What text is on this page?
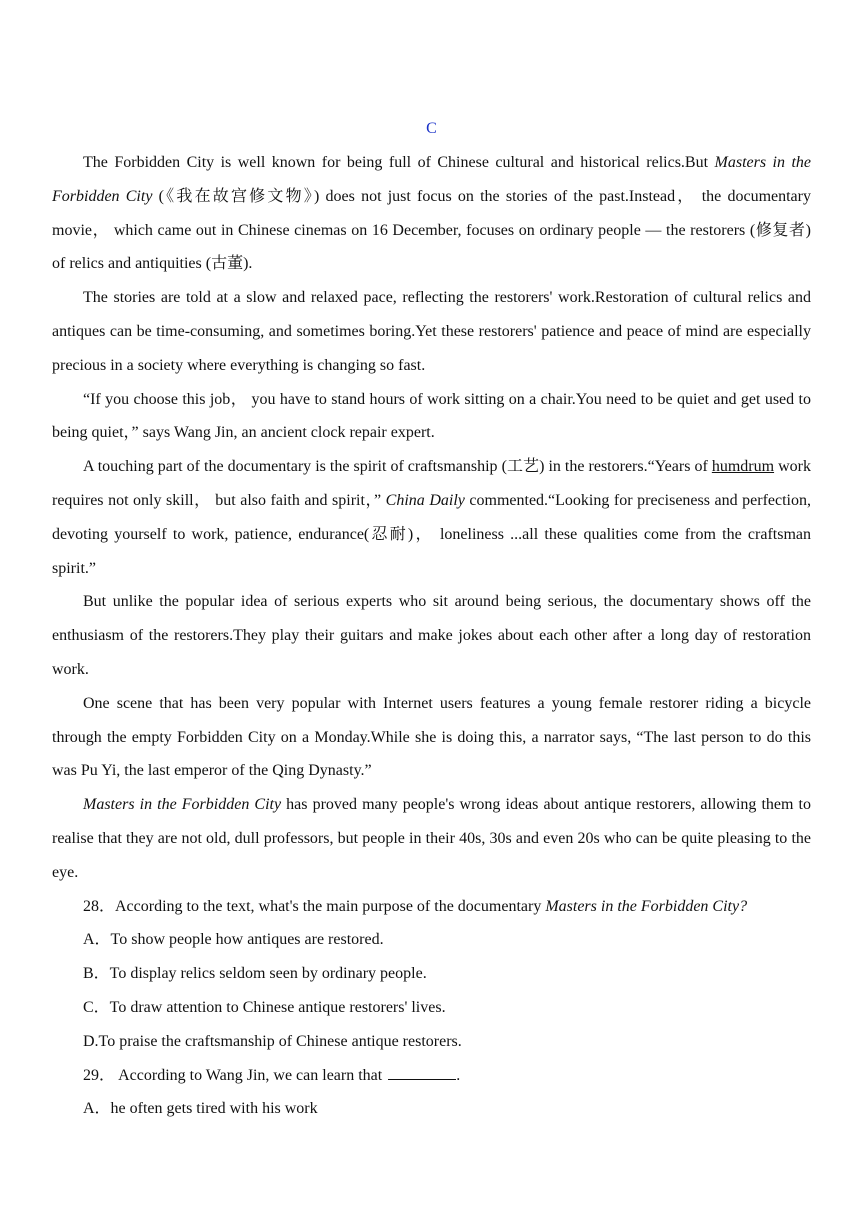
C

The Forbidden City is well known for being full of Chinese cultural and historical relics.But Masters in the Forbidden City (《我在故宫修文物》) does not just focus on the stories of the past.Instead， the documentary movie， which came out in Chinese cinemas on 16 December, focuses on ordinary people — the restorers (修复者) of relics and antiquities (古董).

The stories are told at a slow and relaxed pace, reflecting the restorers' work.Restoration of cultural relics and antiques can be time-consuming, and sometimes boring.Yet these restorers' patience and peace of mind are especially precious in a society where everything is changing so fast.

“If you choose this job， you have to stand hours of work sitting on a chair.You need to be quiet and get used to being quiet，” says Wang Jin, an ancient clock repair expert.

A touching part of the documentary is the spirit of craftsmanship (工艺) in the restorers.“Years of humdrum work requires not only skill， but also faith and spirit，” China Daily commented.“Looking for preciseness and perfection, devoting yourself to work, patience, endurance(忍耐)， loneliness ...all these qualities come from the craftsman spirit.”

But unlike the popular idea of serious experts who sit around being serious, the documentary shows off the enthusiasm of the restorers.They play their guitars and make jokes about each other after a long day of restoration work.

One scene that has been very popular with Internet users features a young female restorer riding a bicycle through the empty Forbidden City on a Monday.While she is doing this, a narrator says, “The last person to do this was Pu Yi, the last emperor of the Qing Dynasty.”

Masters in the Forbidden City has proved many people's wrong ideas about antique restorers, allowing them to realise that they are not old, dull professors, but people in their 40s, 30s and even 20s who can be quite pleasing to the eye.

28．According to the text, what's the main purpose of the documentary Masters in the Forbidden City?

A．To show people how antiques are restored.

B．To display relics seldom seen by ordinary people.

C．To draw attention to Chinese antique restorers' lives.

D.To praise the craftsmanship of Chinese antique restorers.

29． According to Wang Jin, we can learn that	.

A．he often gets tired with his work
